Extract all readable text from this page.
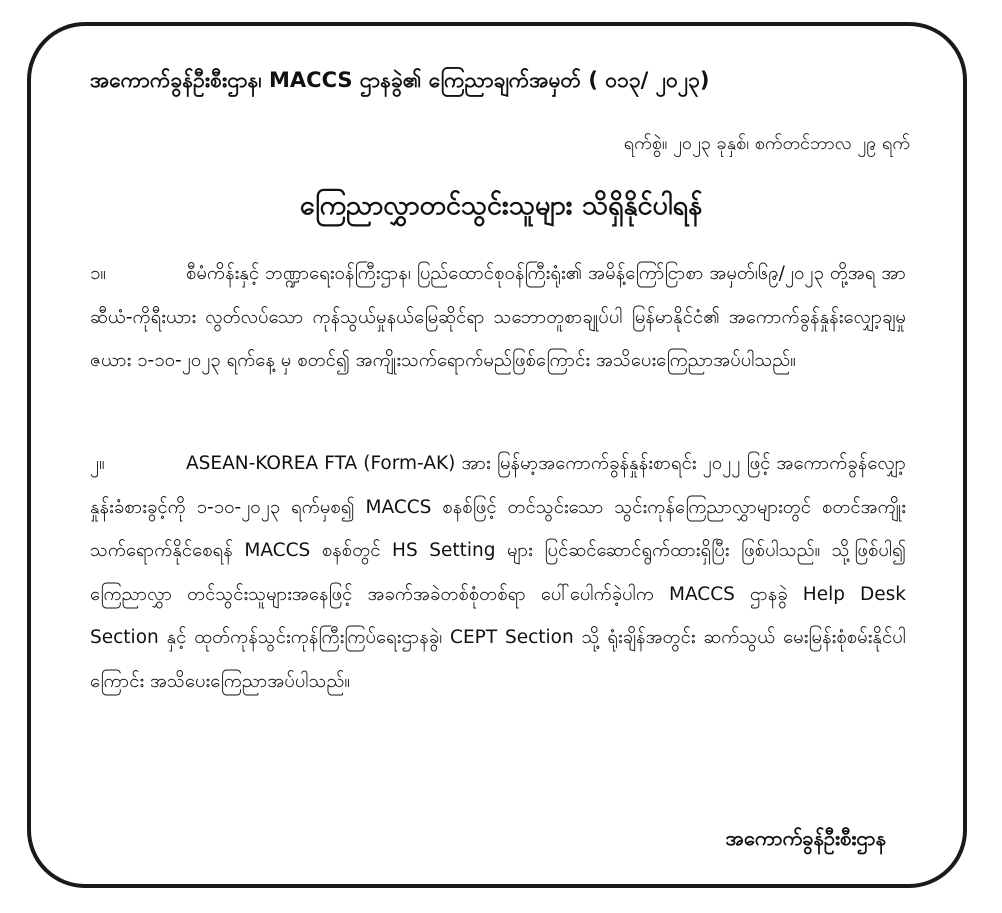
အကောက်ခွန်ဦးစီးဌာန၊ MACCS ဌာနခွဲ၏ ကြေညာချက်အမှတ် ( ၀၁၃/ ၂၀၂၃)
ရက်စွဲ။ ၂၀၂၃ ခုနှစ်၊ စက်တင်ဘာလ ၂၉ ရက်
ကြေညာလွှာတင်သွင်းသူများ သိရှိနိုင်ပါရန်

၁။	စီမံကိန်းနှင့် ဘဏ္ဍာရေးဝန်ကြီးဌာန၊ ပြည်ထောင်စုဝန်ကြီးရုံး၏ အမိန့်ကြော်ငြာစာ အမှတ်၊၆၉/၂၀၂၃ တို့အရ အာဆီယံ-ကိုရီးယား လွတ်လပ်သော ကုန်သွယ်မှုနယ်မြေဆိုင်ရာ သဘောတူစာချုပ်ပါ မြန်မာနိုင်ငံ၏ အကောက်ခွန်နှုန်းလျှော့ချမှုဇယား ၁-၁၀-၂၀၂၃ ရက်နေ့ မှ စတင်၍ အကျိုးသက်ရောက်မည်ဖြစ်ကြောင်း အသိပေးကြေညာအပ်ပါသည်။

၂။	ASEAN-KOREA FTA (Form-AK) အား မြန်မာ့အကောက်ခွန်နှုန်းစာရင်း ၂၀၂၂ ဖြင့် အကောက်ခွန်လျှော့နှုန်းခံစားခွင့်ကို ၁-၁၀-၂၀၂၃ ရက်မှစ၍ MACCS စနစ်ဖြင့် တင်သွင်းသော သွင်းကုန်ကြေညာလွှာများတွင် စတင်အကျိုးသက်ရောက်နိုင်စေရန် MACCS စနစ်တွင် HS Setting များ ပြင်ဆင်ဆောင်ရွက်ထားရှိပြီး ဖြစ်ပါသည်။ သို့ဖြစ်ပါ၍ ကြေညာလွှာ တင်သွင်းသူများအနေဖြင့် အခက်အခဲတစ်စုံတစ်ရာ ပေါ်ပေါက်ခဲ့ပါက MACCS ဌာနခွဲ Help Desk Section နှင့် ထုတ်ကုန်သွင်းကုန်ကြီးကြပ်ရေးဌာနခွဲ၊ CEPT Section သို့ ရုံးချိန်အတွင်း ဆက်သွယ် မေးမြန်းစုံစမ်းနိုင်ပါကြောင်း အသိပေးကြေညာအပ်ပါသည်။

အကောက်ခွန်ဦးစီးဌာန
